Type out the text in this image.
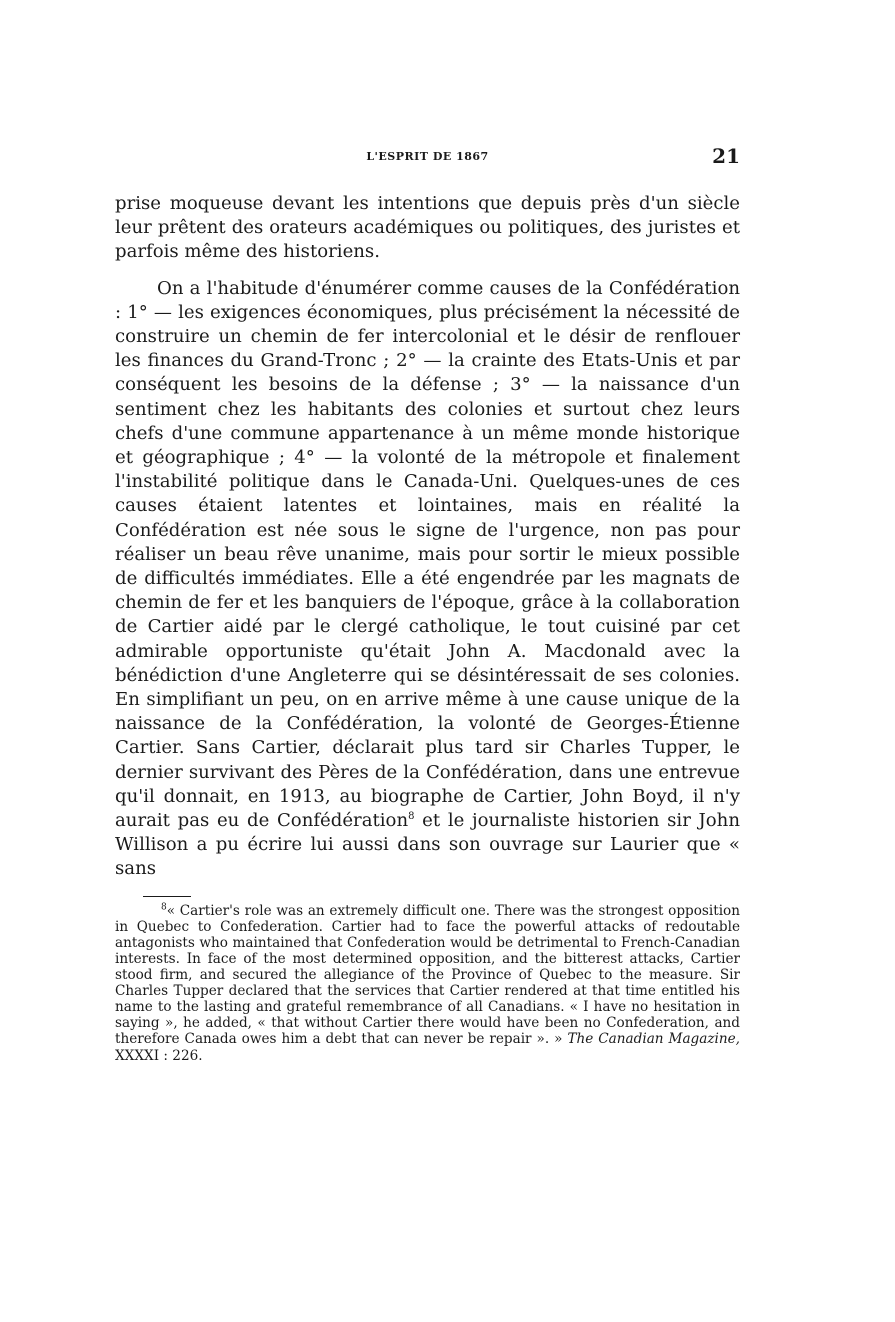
L'ESPRIT DE 1867	21

prise moqueuse devant les intentions que depuis près d'un siècle leur prêtent des orateurs académiques ou politiques, des juristes et parfois même des historiens.

On a l'habitude d'énumérer comme causes de la Confédération : 1° — les exigences économiques, plus précisément la nécessité de construire un chemin de fer intercolonial et le désir de renflouer les finances du Grand-Tronc ; 2° — la crainte des Etats-Unis et par conséquent les besoins de la défense ; 3° — la naissance d'un sentiment chez les habitants des colonies et surtout chez leurs chefs d'une commune appartenance à un même monde historique et géographique ; 4° — la volonté de la métropole et finalement l'instabilité politique dans le Canada-Uni. Quelques-unes de ces causes étaient latentes et lointaines, mais en réalité la Confédération est née sous le signe de l'urgence, non pas pour réaliser un beau rêve unanime, mais pour sortir le mieux possible de difficultés immédiates. Elle a été engendrée par les magnats de chemin de fer et les banquiers de l'époque, grâce à la collaboration de Cartier aidé par le clergé catholique, le tout cuisiné par cet admirable opportuniste qu'était John A. Macdonald avec la bénédiction d'une Angleterre qui se désintéressait de ses colonies. En simplifiant un peu, on en arrive même à une cause unique de la naissance de la Confédération, la volonté de Georges-Étienne Cartier. Sans Cartier, déclarait plus tard sir Charles Tupper, le dernier survivant des Pères de la Confédération, dans une entrevue qu'il donnait, en 1913, au biographe de Cartier, John Boyd, il n'y aurait pas eu de Confédération$^8$ et le journaliste historien sir John Willison a pu écrire lui aussi dans son ouvrage sur Laurier que « sans

$^8$« Cartier's role was an extremely difficult one. There was the strongest opposition in Quebec to Confederation. Cartier had to face the powerful attacks of redoutable antagonists who maintained that Confederation would be detrimental to French-Canadian interests. In face of the most determined opposition, and the bitterest attacks, Cartier stood firm, and secured the allegiance of the Province of Quebec to the measure. Sir Charles Tupper declared that the services that Cartier rendered at that time entitled his name to the lasting and grateful remembrance of all Canadians. « I have no hesitation in saying », he added, « that without Cartier there would have been no Confederation, and therefore Canada owes him a debt that can never be repair ». » The Canadian Magazine, XXXXI : 226.
